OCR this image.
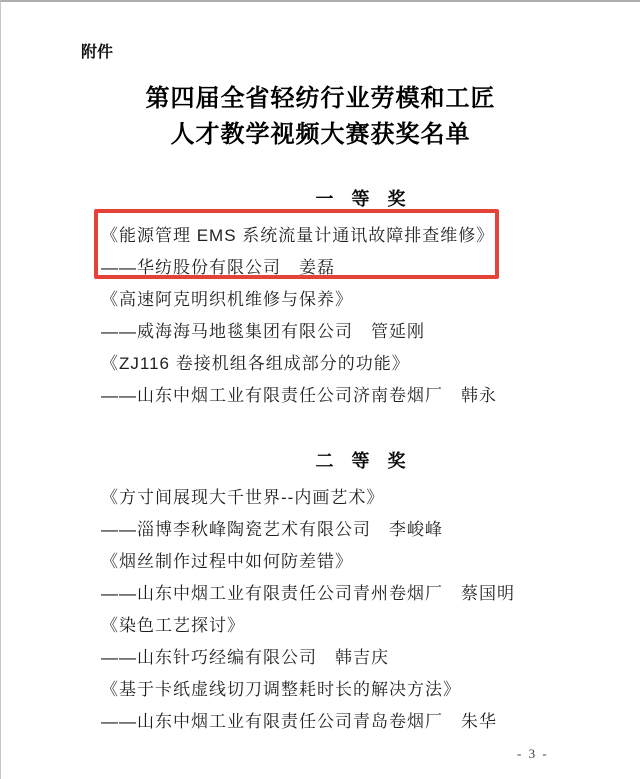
附件
第四届全省轻纺行业劳模和工匠
人才教学视频大赛获奖名单
一　等　奖
《能源管理 EMS 系统流量计通讯故障排查维修》
——华纺股份有限公司　姜磊
《高速阿克明织机维修与保养》
——威海海马地毯集团有限公司　管延刚
《ZJ116 卷接机组各组成部分的功能》
——山东中烟工业有限责任公司济南卷烟厂　韩永
二　等　奖
《方寸间展现大千世界--内画艺术》
——淄博李秋峰陶瓷艺术有限公司　李峻峰
《烟丝制作过程中如何防差错》
——山东中烟工业有限责任公司青州卷烟厂　蔡国明
《染色工艺探讨》
——山东针巧经编有限公司　韩吉庆
《基于卡纸虚线切刀调整耗时长的解决方法》
——山东中烟工业有限责任公司青岛卷烟厂　朱华
- 3 -
